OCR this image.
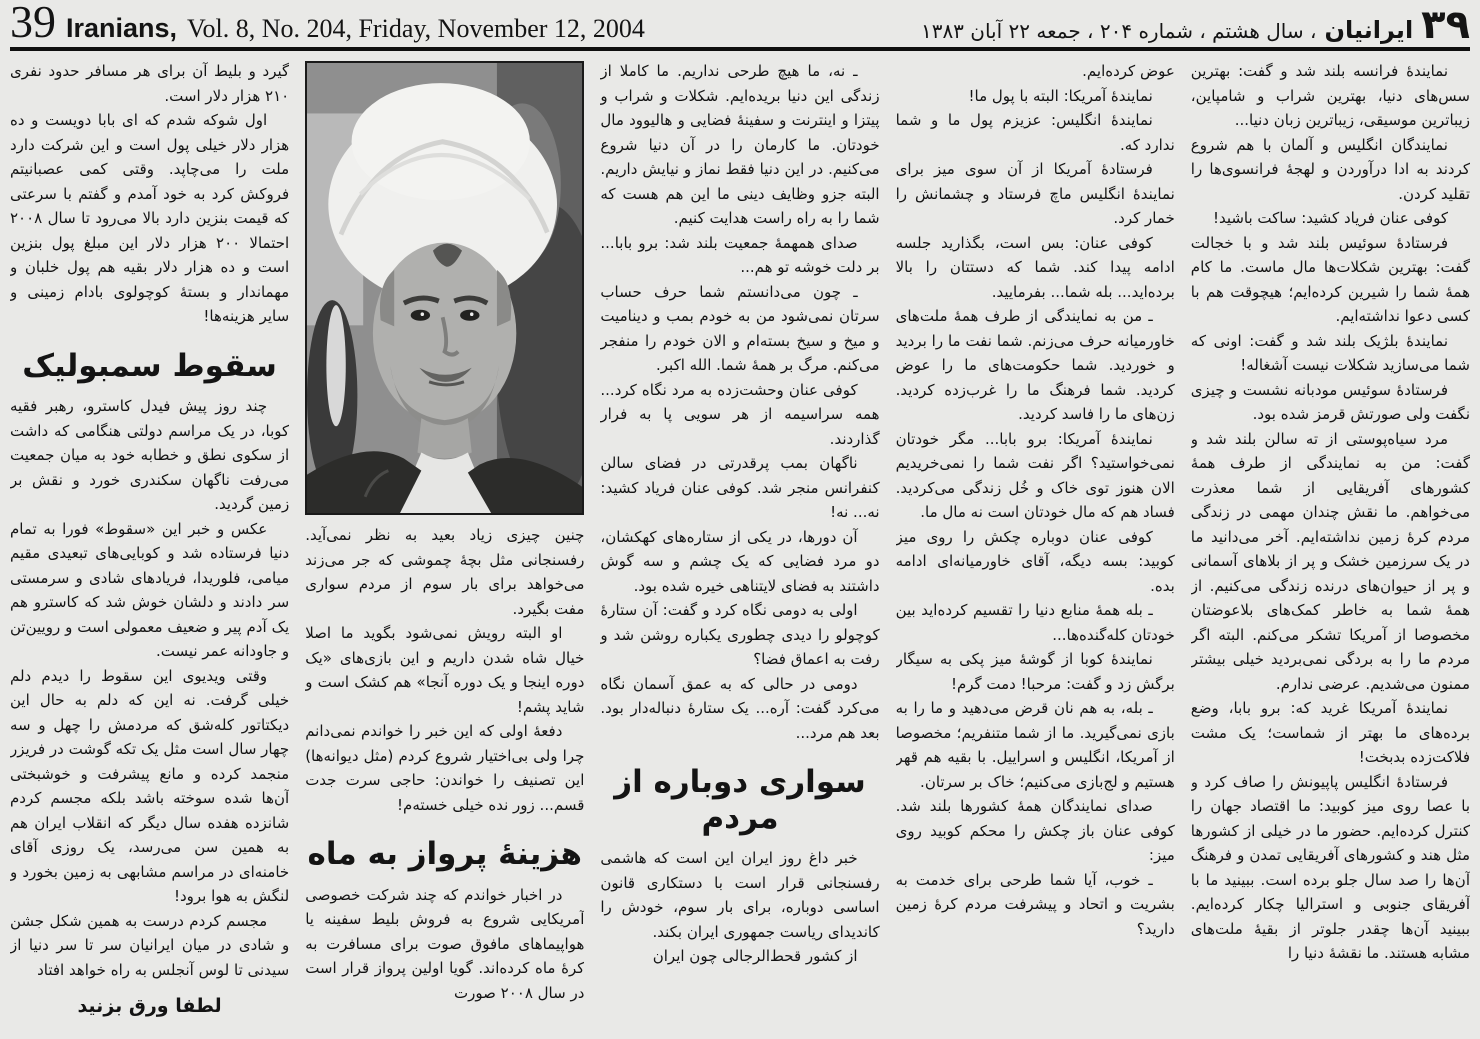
39 Iranians, Vol. 8, No. 204, Friday, November 12, 2004	۳۹
ایرانیان
، سال هشتم ، شماره ۲۰۴ ، جمعه ۲۲ آبان ۱۳۸۳

نمایندهٔ فرانسه بلند شد و گفت: بهترین سس‌های دنیا، بهترین شراب و شامپاین، زیباترین موسیقی، زیباترین زبان دنیا...

نمایندگان انگلیس و آلمان با هم شروع کردند به ادا درآوردن و لهجهٔ فرانسوی‌ها را تقلید کردن.

کوفی عنان فریاد کشید: ساکت باشید!

فرستادهٔ سوئیس بلند شد و با خجالت گفت: بهترین شکلات‌ها مال ماست. ما کام همهٔ شما را شیرین کرده‌ایم؛ هیچوقت هم با کسی دعوا نداشته‌ایم.

نمایندهٔ بلژیک بلند شد و گفت: اونی که شما می‌سازید شکلات نیست آشغاله!

فرستادهٔ سوئیس مودبانه نشست و چیزی نگفت ولی صورتش قرمز شده بود.

مرد سیاه‌پوستی از ته سالن بلند شد و گفت: من به نمایندگی از طرف همهٔ کشورهای آفریقایی از شما معذرت می‌خواهم. ما نقش چندان مهمی در زندگی مردم کرهٔ زمین نداشته‌ایم. آخر می‌دانید ما در یک سرزمین خشک و پر از بلاهای آسمانی و پر از حیوان‌های درنده زندگی می‌کنیم. از همهٔ شما به خاطر کمک‌های بلاعوضتان مخصوصا از آمریکا تشکر می‌کنم. البته اگر مردم ما را به بردگی نمی‌بردید خیلی بیشتر ممنون می‌شدیم. عرضی ندارم.

نمایندهٔ آمریکا غرید که: برو بابا، وضع برده‌های ما بهتر از شماست؛ یک مشت فلاکت‌زده بدبخت!

فرستادهٔ انگلیس پاپیونش را صاف کرد و با عصا روی میز کوبید: ما اقتصاد جهان را کنترل کرده‌ایم. حضور ما در خیلی از کشورها مثل هند و کشورهای آفریقایی تمدن و فرهنگ آن‌ها را صد سال جلو برده است. ببینید ما با آفریقای جنوبی و استرالیا چکار کرده‌ایم. ببینید آن‌ها چقدر جلوتر از بقیهٔ ملت‌های مشابه هستند. ما نقشهٔ دنیا را

عوض کرده‌ایم.

نمایندهٔ آمریکا: البته با پول ما!

نمایندهٔ انگلیس: عزیزم پول ما و شما ندارد که.

فرستادهٔ آمریکا از آن سوی میز برای نمایندهٔ انگلیس ماچ فرستاد و چشمانش را خمار کرد.

کوفی عنان: بس است، بگذارید جلسه ادامه پیدا کند. شما که دستتان را بالا برده‌اید... بله شما... بفرمایید.

ـ من به نمایندگی از طرف همهٔ ملت‌های خاورمیانه حرف می‌زنم. شما نفت ما را بردید و خوردید. شما حکومت‌های ما را عوض کردید. شما فرهنگ ما را غرب‌زده کردید. زن‌های ما را فاسد کردید.

نمایندهٔ آمریکا: برو بابا... مگر خودتان نمی‌خواستید؟ اگر نفت شما را نمی‌خریدیم الان هنوز توی خاک و خُل زندگی می‌کردید. فساد هم که مال خودتان است نه مال ما.

کوفی عنان دوباره چکش را روی میز کوبید: بسه دیگه، آقای خاورمیانه‌ای ادامه بده.

ـ بله همهٔ منابع دنیا را تقسیم کرده‌اید بین خودتان کله‌گنده‌ها...

نمایندهٔ کوبا از گوشهٔ میز پکی به سیگار برگش زد و گفت: مرحبا! دمت گرم!

ـ بله، به هم نان قرض می‌دهید و ما را به بازی نمی‌گیرید. ما از شما متنفریم؛ مخصوصا از آمریکا، انگلیس و اسراییل. با بقیه هم قهر هستیم و لج‌بازی می‌کنیم؛ خاک بر سرتان.

صدای نمایندگان همهٔ کشورها بلند شد. کوفی عنان باز چکش را محکم کوبید روی میز:

ـ خوب، آیا شما طرحی برای خدمت به بشریت و اتحاد و پیشرفت مردم کرهٔ زمین دارید؟

ـ نه، ما هیچ طرحی نداریم. ما کاملا از زندگی این دنیا بریده‌ایم. شکلات و شراب و پیتزا و اینترنت و سفینهٔ فضایی و هالیوود مال خودتان. ما کارمان را در آن دنیا شروع می‌کنیم. در این دنیا فقط نماز و نیایش داریم. البته جزو وظایف دینی ما این هم هست که شما را به راه راست هدایت کنیم.

صدای همهمهٔ جمعیت بلند شد: برو بابا... بر دلت خوشه تو هم...

ـ چون می‌دانستم شما حرف حساب سرتان نمی‌شود من به خودم بمب و دینامیت و میخ و سیخ بسته‌ام و الان خودم را منفجر می‌کنم. مرگ بر همهٔ شما. الله اکبر.

کوفی عنان وحشت‌زده به مرد نگاه کرد... همه سراسیمه از هر سویی پا به فرار گذاردند.

ناگهان بمب پرقدرتی در فضای سالن کنفرانس منجر شد. کوفی عنان فریاد کشید: نه... نه!

آن دورها، در یکی از ستاره‌های کهکشان، دو مرد فضایی که یک چشم و سه گوش داشتند به فضای لایتناهی خیره شده بود.

اولی به دومی نگاه کرد و گفت: آن ستارهٔ کوچولو را دیدی چطوری یکباره روشن شد و رفت به اعماق فضا؟

دومی در حالی که به عمق آسمان نگاه می‌کرد گفت: آره... یک ستارهٔ دنباله‌دار بود. بعد هم مرد...

سواری دوباره از مردم

خبر داغ روز ایران این است که هاشمی رفسنجانی قرار است با دستکاری قانون اساسی دوباره، برای بار سوم، خودش را کاندیدای ریاست جمهوری ایران بکند.

از کشور قحط‌الرجالی چون ایران

چنین چیزی زیاد بعید به نظر نمی‌آید. رفسنجانی مثل بچهٔ چموشی که جر می‌زند می‌خواهد برای بار سوم از مردم سواری مفت بگیرد.

او البته رویش نمی‌شود بگوید ما اصلا خیال شاه شدن داریم و این بازی‌های «یک دوره اینجا و یک دوره آنجا» هم کشک است و شاید پشم!

دفعهٔ اولی که این خبر را خواندم نمی‌دانم چرا ولی بی‌اختیار شروع کردم (مثل دیوانه‌ها) این تصنیف را خواندن: حاجی سرت جدت قسم... زور نده خیلی خسته‌م!

هزینهٔ پرواز به ماه

در اخبار خواندم که چند شرکت خصوصی آمریکایی شروع به فروش بلیط سفینه یا هواپیماهای مافوق صوت برای مسافرت به کرهٔ ماه کرده‌اند. گویا اولین پرواز قرار است در سال ۲۰۰۸ صورت

گیرد و بلیط آن برای هر مسافر حدود نفری ۲۱۰ هزار دلار است.

اول شوکه شدم که ای بابا دویست و ده هزار دلار خیلی پول است و این شرکت دارد ملت را می‌چاپد. وقتی کمی عصبانیتم فروکش کرد به خود آمدم و گفتم با سرعتی که قیمت بنزین دارد بالا می‌رود تا سال ۲۰۰۸ احتمالا ۲۰۰ هزار دلار این مبلغ پول بنزین است و ده هزار دلار بقیه هم پول خلبان و مهماندار و بستهٔ کوچولوی بادام زمینی و سایر هزینه‌ها!

سقوط سمبولیک

چند روز پیش فیدل کاسترو، رهبر فقیه کوبا، در یک مراسم دولتی هنگامی که داشت از سکوی نطق و خطابه خود به میان جمعیت می‌رفت ناگهان سکندری خورد و نقش بر زمین گردید.

عکس و خبر این «سقوط» فورا به تمام دنیا فرستاده شد و کوبایی‌های تبعیدی مقیم میامی، فلوریدا، فریادهای شادی و سرمستی سر دادند و دلشان خوش شد که کاسترو هم یک آدم پیر و ضعیف معمولی است و رویین‌تن و جاودانه عمر نیست.

وقتی ویدیوی این سقوط را دیدم دلم خیلی گرفت. نه این که دلم به حال این دیکتاتور کله‌شق که مردمش را چهل و سه چهار سال است مثل یک تکه گوشت در فریزر منجمد کرده و مانع پیشرفت و خوشبختی آن‌ها شده سوخته باشد بلکه مجسم کردم شانزده هفده سال دیگر که انقلاب ایران هم به همین سن می‌رسد، یک روزی آقای خامنه‌ای در مراسم مشابهی به زمین بخورد و لنگش به هوا برود!

مجسم کردم درست به همین شکل جشن و شادی در میان ایرانیان سر تا سر دنیا از سیدنی تا لوس آنجلس به راه خواهد افتاد

لطفا ورق بزنید
